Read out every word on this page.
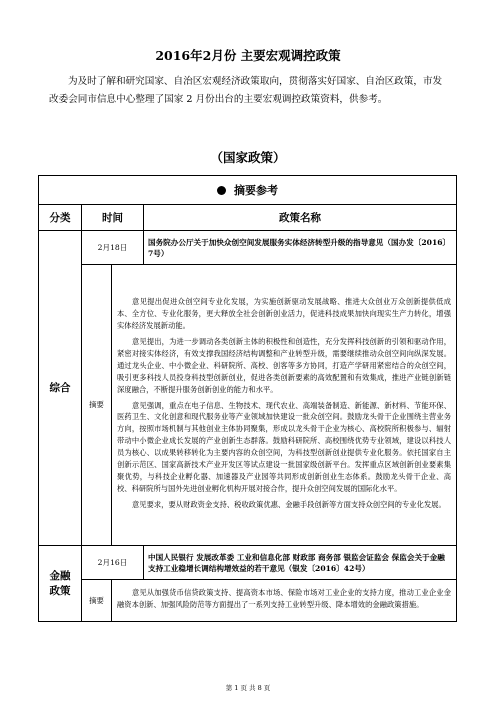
2016年2月份 主要宏观调控政策
为及时了解和研究国家、自治区宏观经济政策取向，贯彻落实好国家、自治区政策，市发改委会同市信息中心整理了国家 2 月份出台的主要宏观调控政策资料，供参考。
（国家政策）
摘要参考			
分类	时间		政策名称
综合	2月18日		国务院办公厅关于加快众创空间发展服务实体经济转型升级的指导意见（国办发〔2016〕7号）
	摘要	意见提出促进众创空间专业化发展，为实施创新驱动发展战略、推进大众创业万众创新提供低成本、全方位、专业化服务，更大释放全社会创新创业活力，促进科技成果加快向现实生产力转化，增强实体经济发展新动能。

意见提出，为进一步调动各类创新主体的积极性和创造性，充分发挥科技创新的引领和驱动作用，紧密对接实体经济，有效支撑我国经济结构调整和产业转型升级，需要继续推动众创空间向纵深发展。通过龙头企业、中小微企业、科研院所、高校、创客等多方协同，打造产学研用紧密结合的众创空间，吸引更多科技人员投身科技型创新创业，促进各类创新要素的高效配置和有效集成，推进产业链创新链深度融合，不断提升服务创新创业的能力和水平。

意见强调，重点在电子信息、生物技术、现代农业、高端装备制造、新能源、新材料、节能环保、医药卫生、文化创意和现代服务业等产业领域加快建设一批众创空间。鼓励龙头骨干企业围绕主营业务方向，按照市场机制与其他创业主体协同聚集，形成以龙头骨干企业为核心、高校院所积极参与、辐射带动中小微企业成长发展的产业创新生态群落。鼓励科研院所、高校围绕优势专业领域，建设以科技人员为核心、以成果转移转化为主要内容的众创空间，为科技型创新创业提供专业化服务。依托国家自主创新示范区、国家高新技术产业开发区等试点建设一批国家级创新平台。发挥重点区域创新创业要素集聚优势，与科技企业孵化器、加速器及产业园等共同形成创新创业生态体系。鼓励龙头骨干企业、高校、科研院所与国外先进创业孵化机构开展对接合作，提升众创空间发展的国际化水平。

意见要求，要从财政资金支持、税收政策优惠、金融手段创新等方面支持众创空间的专业化发展。	

金融政策	2月16日		中国人民银行 发展改革委 工业和信息化部 财政部 商务部 银监会证监会 保监会关于金融支持工业稳增长调结构增效益的若干意见（银发〔2016〕42号）
	摘要	意见从加强货币信贷政策支持、提高资本市场、保险市场对工业企业的支持力度，推动工业企业金融资本创新、加强风险防范等方面提出了一系列支持工业转型升级、降本增效的金融政策措施。	

第 1 页 共 8 页
